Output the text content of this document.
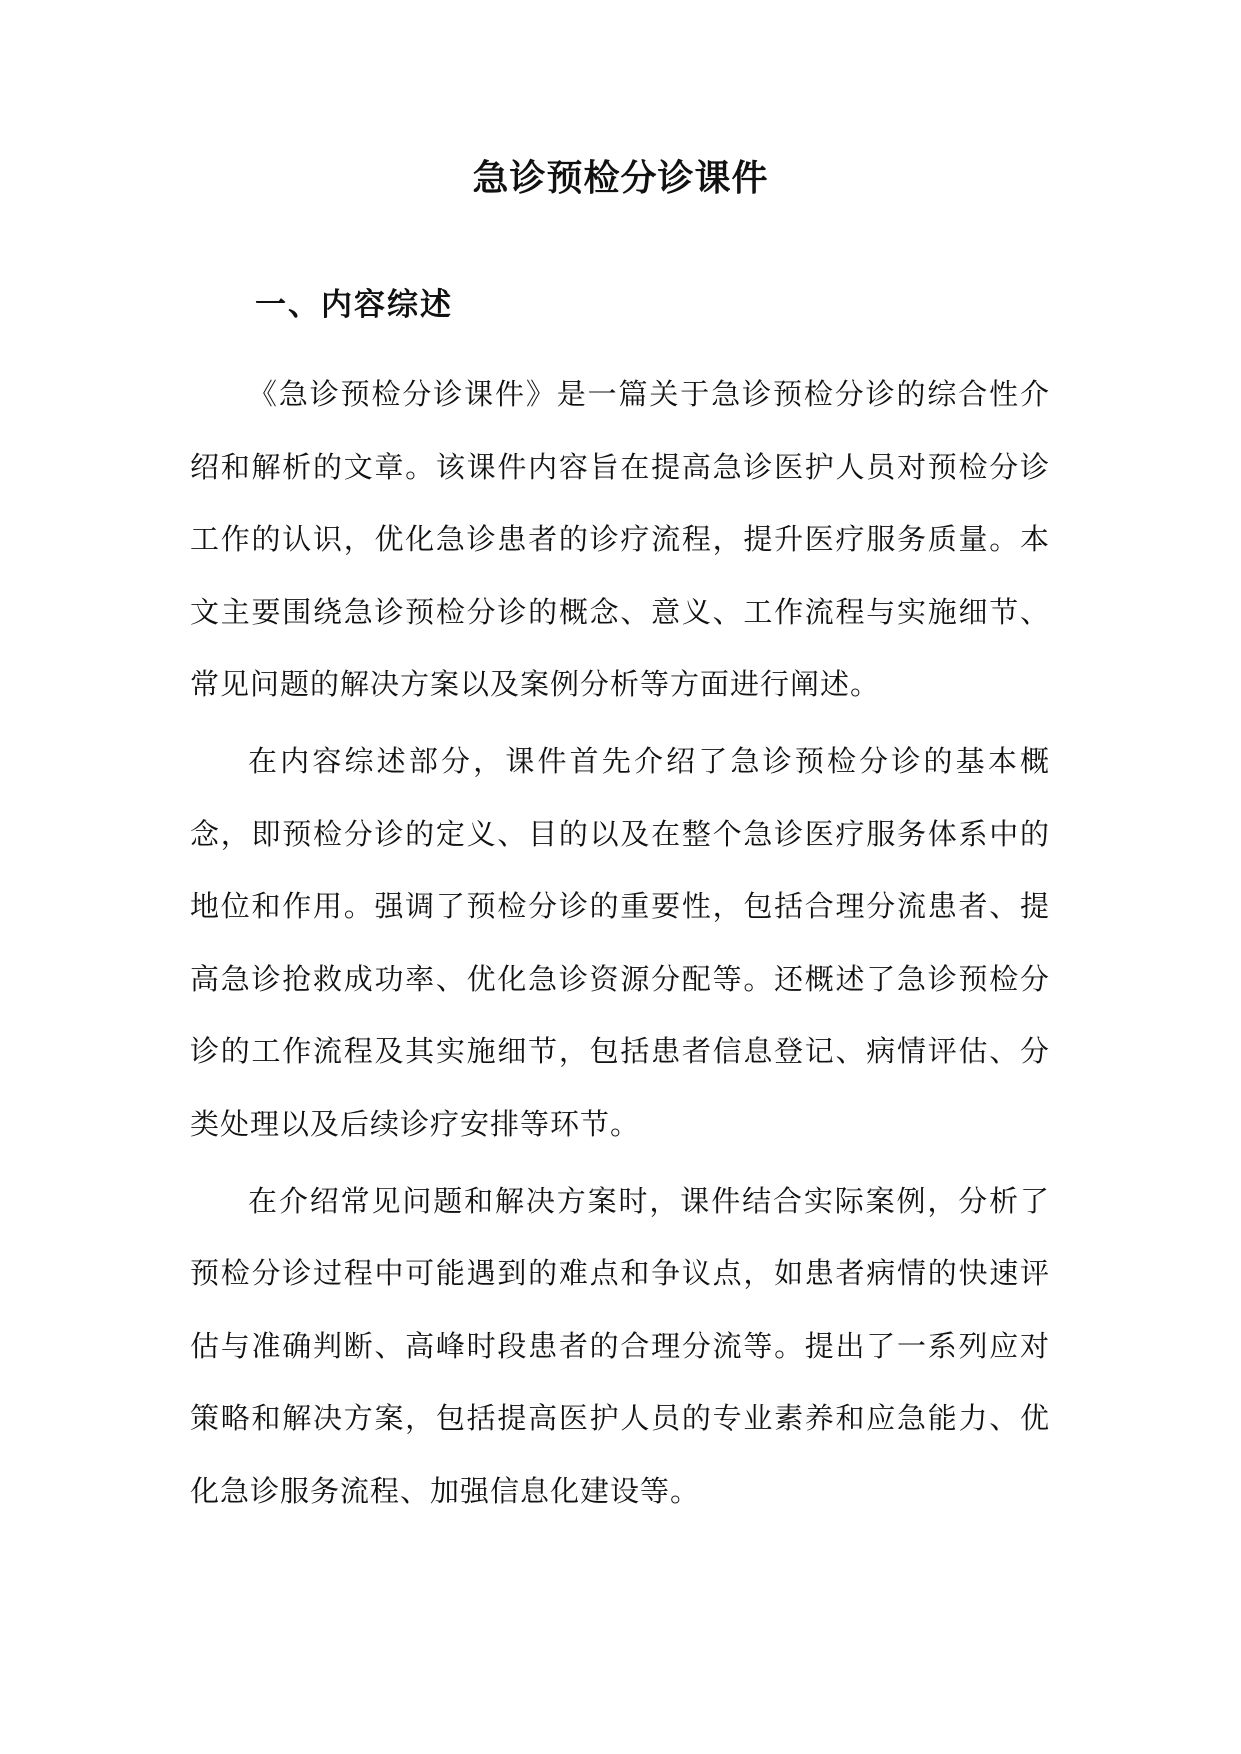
急诊预检分诊课件
一、内容综述

《急诊预检分诊课件》是一篇关于急诊预检分诊的综合性介绍和解析的文章。该课件内容旨在提高急诊医护人员对预检分诊工作的认识，优化急诊患者的诊疗流程，提升医疗服务质量。本文主要围绕急诊预检分诊的概念、意义、工作流程与实施细节、常见问题的解决方案以及案例分析等方面进行阐述。

在内容综述部分，课件首先介绍了急诊预检分诊的基本概念，即预检分诊的定义、目的以及在整个急诊医疗服务体系中的地位和作用。强调了预检分诊的重要性，包括合理分流患者、提高急诊抢救成功率、优化急诊资源分配等。还概述了急诊预检分诊的工作流程及其实施细节，包括患者信息登记、病情评估、分类处理以及后续诊疗安排等环节。

在介绍常见问题和解决方案时，课件结合实际案例，分析了预检分诊过程中可能遇到的难点和争议点，如患者病情的快速评估与准确判断、高峰时段患者的合理分流等。提出了一系列应对策略和解决方案，包括提高医护人员的专业素养和应急能力、优化急诊服务流程、加强信息化建设等。
